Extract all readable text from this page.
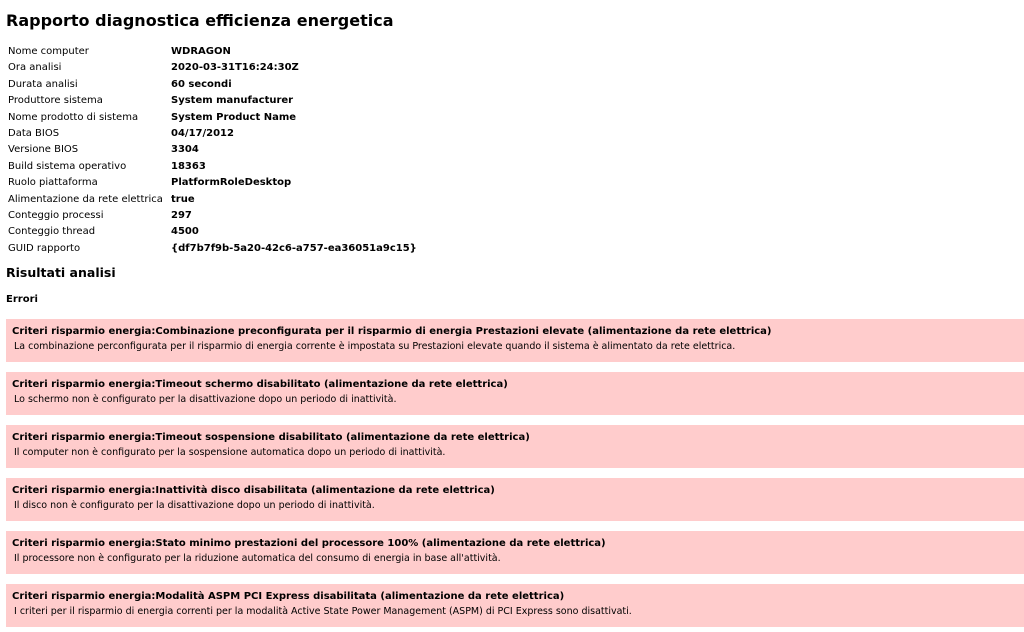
Rapporto diagnostica efficienza energetica
Nome computer	WDRAGON
Ora analisi	2020-03-31T16:24:30Z
Durata analisi	60 secondi
Produttore sistema	System manufacturer
Nome prodotto di sistema	System Product Name
Data BIOS	04/17/2012
Versione BIOS	3304
Build sistema operativo	18363
Ruolo piattaforma	PlatformRoleDesktop
Alimentazione da rete elettrica	true
Conteggio processi	297
Conteggio thread	4500
GUID rapporto	{df7b7f9b-5a20-42c6-a757-ea36051a9c15}
Risultati analisi
Errori
Criteri risparmio energia:Combinazione preconfigurata per il risparmio di energia Prestazioni elevate (alimentazione da rete elettrica)
La combinazione perconfigurata per il risparmio di energia corrente è impostata su Prestazioni elevate quando il sistema è alimentato da rete elettrica.
Criteri risparmio energia:Timeout schermo disabilitato (alimentazione da rete elettrica)
Lo schermo non è configurato per la disattivazione dopo un periodo di inattività.
Criteri risparmio energia:Timeout sospensione disabilitato (alimentazione da rete elettrica)
Il computer non è configurato per la sospensione automatica dopo un periodo di inattività.
Criteri risparmio energia:Inattività disco disabilitata (alimentazione da rete elettrica)
Il disco non è configurato per la disattivazione dopo un periodo di inattività.
Criteri risparmio energia:Stato minimo prestazioni del processore 100% (alimentazione da rete elettrica)
Il processore non è configurato per la riduzione automatica del consumo di energia in base all'attività.
Criteri risparmio energia:Modalità ASPM PCI Express disabilitata (alimentazione da rete elettrica)
I criteri per il risparmio di energia correnti per la modalità Active State Power Management (ASPM) di PCI Express sono disattivati.
